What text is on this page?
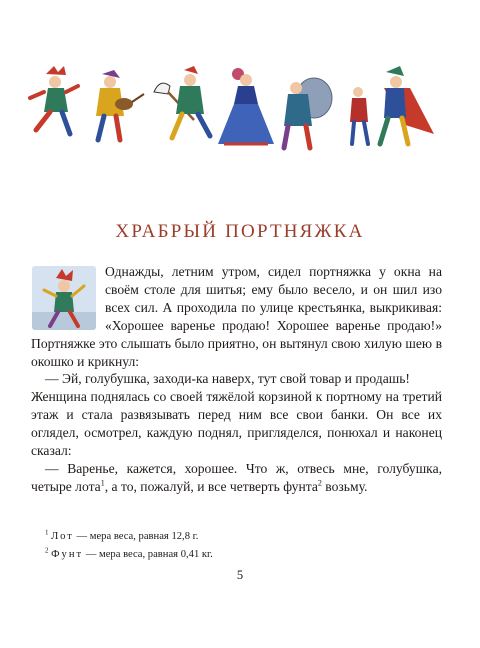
ХРАБРЫЙ ПОРТНЯЖКА

Однажды, летним утром, сидел портняжка у окна на своём столе для шитья; ему было весело, и он шил изо всех сил. А проходила по улице крестьянка, выкрикивая: «Хорошее варенье продаю! Хорошее варенье продаю!» Портняжке это слышать было приятно, он вытянул свою хилую шею в окошко и крикнул:

— Эй, голубушка, заходи-ка наверх, тут свой товар и продашь!

Женщина поднялась со своей тяжёлой корзиной к портному на третий этаж и стала развязывать перед ним все свои банки. Он все их оглядел, осмотрел, каждую поднял, пригляделся, понюхал и наконец сказал:

— Варенье, кажется, хорошее. Что ж, отвесь мне, голубушка, четыре лота$^1$, а то, пожалуй, и все четверть фунта$^2$ возьму.

$^1$ Лот — мера веса, равная 12,8 г.
$^2$ Фунт — мера веса, равная 0,41 кг.
5
